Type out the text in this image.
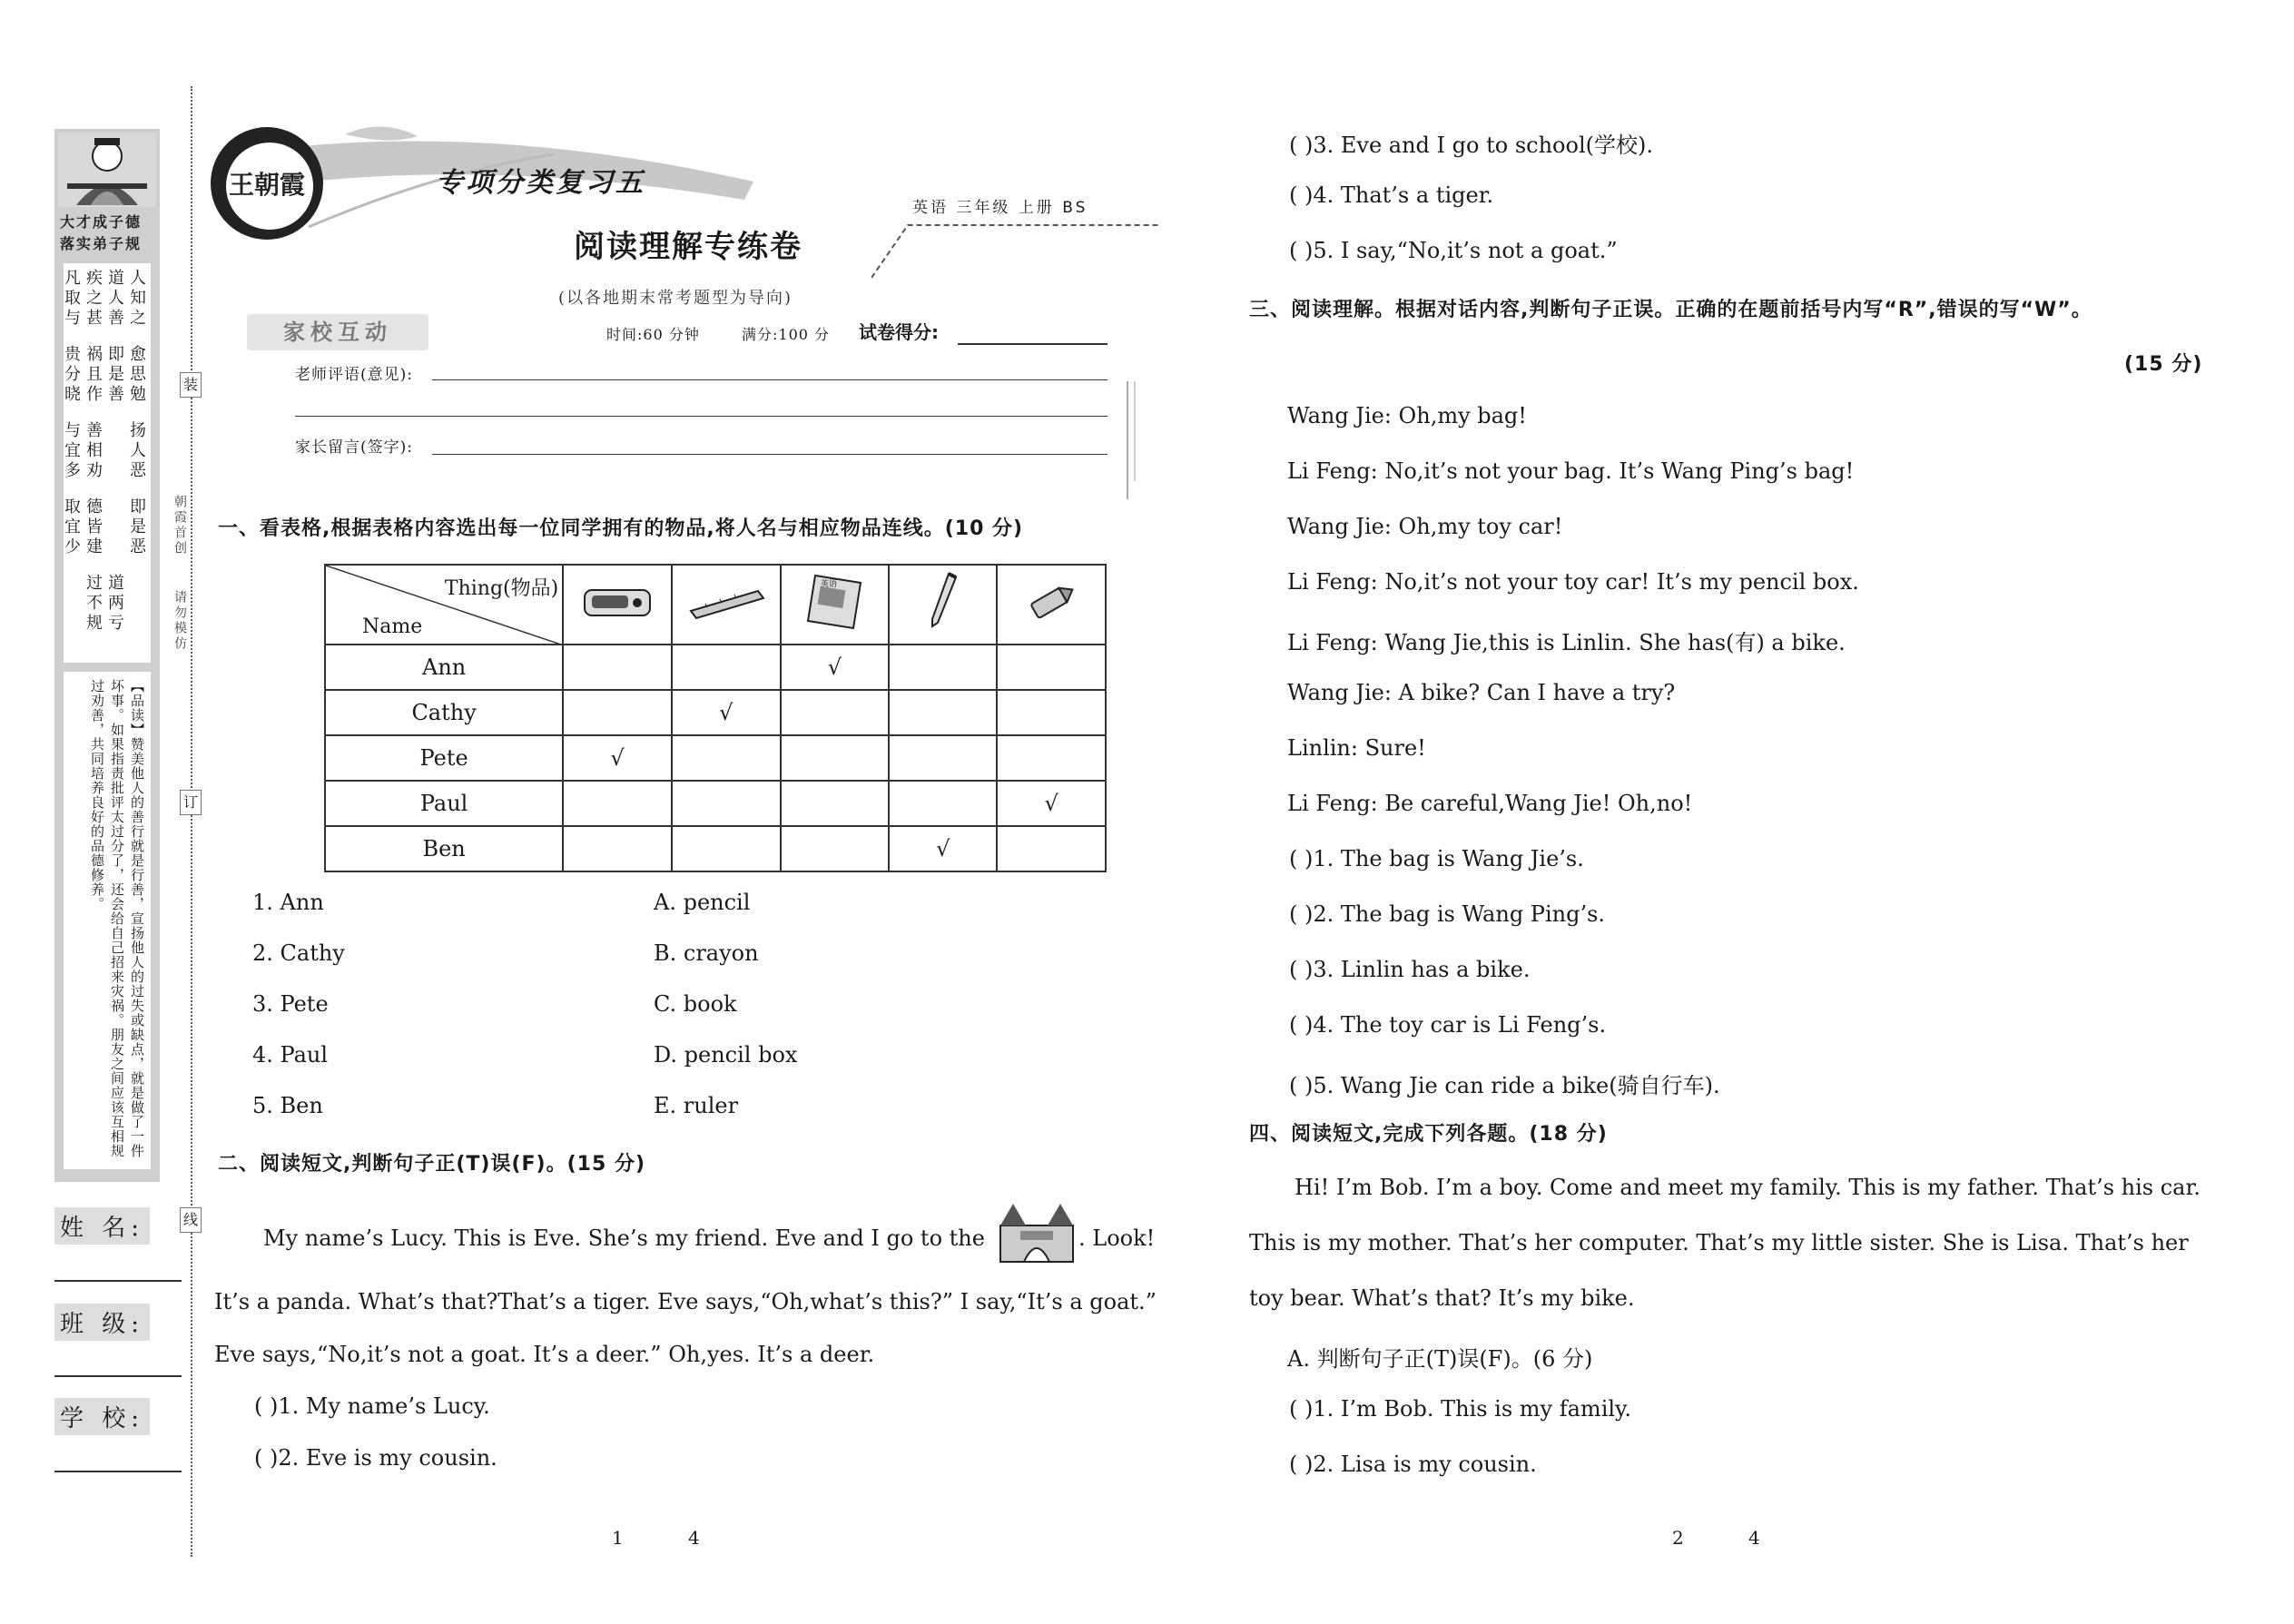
大才成子德
落实弟子规
凡取与
贵分晓
与宜多
取宜少
疾之甚
祸且作
善相劝
德皆建
过不规 道两亏
道人善
即是善
人知之
愈思勉
扬人恶
即是恶
【品读】赞美他人的善行就是行善，宣扬他人的过失或缺点，就是做了一件坏事。如果指责批评太过分了，还会给自己招来灾祸。朋友之间应该互相规过劝善，共同培养良好的品德修养。
装
订
线
朝霞首创
请勿模仿
姓 名:
班 级:
学 校:
王朝霞	专项分类复习五
阅读理解专练卷
英语 三年级 上册 BS
(以各地期末常考题型为导向)
家校互动	时间:60 分钟	满分:100 分 试卷得分:
老师评语(意见):
家长留言(签字):
一、看表格,根据表格内容选出每一位同学拥有的物品,将人名与相应物品连线。(10 分)
Thing(物品)
Name			英语

Ann			√		
Cathy		√			
Pete	√				
Paul					√
Ben				√	
1. Ann
2. Cathy
3. Pete
4. Paul
5. Ben
A. pencil
B. crayon
C. book
D. pencil box
E. ruler
二、阅读短文,判断句子正(T)误(F)。(15 分)
My name’s Lucy. This is Eve. She’s my friend. Eve and I go to the	. Look!
It’s a panda. What’s that?That’s a tiger. Eve says,“Oh,what’s this?” I say,“It’s a goat.”
Eve says,“No,it’s not a goat. It’s a deer.” Oh,yes. It’s a deer.
( )1. My name’s Lucy.
( )2. Eve is my cousin.
1	4
( )3. Eve and I go to school(学校).
( )4. That’s a tiger.
( )5. I say,“No,it’s not a goat.”
三、阅读理解。根据对话内容,判断句子正误。正确的在题前括号内写“R”,错误的写“W”。
(15 分)
Wang Jie: Oh,my bag!
Li Feng: No,it’s not your bag. It’s Wang Ping’s bag!
Wang Jie: Oh,my toy car!
Li Feng: No,it’s not your toy car! It’s my pencil box.
Li Feng: Wang Jie,this is Linlin. She has(有) a bike.
Wang Jie: A bike? Can I have a try?
Linlin: Sure!
Li Feng: Be careful,Wang Jie! Oh,no!
( )1. The bag is Wang Jie’s.
( )2. The bag is Wang Ping’s.
( )3. Linlin has a bike.
( )4. The toy car is Li Feng’s.
( )5. Wang Jie can ride a bike(骑自行车).
四、阅读短文,完成下列各题。(18 分)
Hi! I’m Bob. I’m a boy. Come and meet my family. This is my father. That’s his car.
This is my mother. That’s her computer. That’s my little sister. She is Lisa. That’s her
toy bear. What’s that? It’s my bike.
A. 判断句子正(T)误(F)。(6 分)
( )1. I’m Bob. This is my family.
( )2. Lisa is my cousin.
2	4
